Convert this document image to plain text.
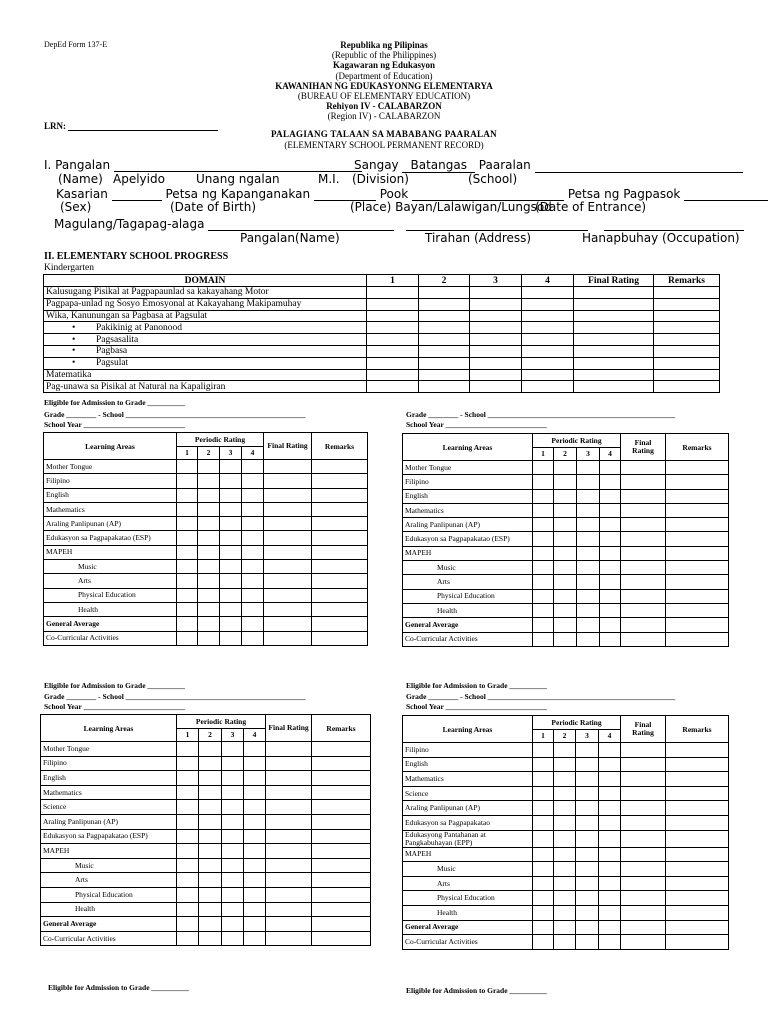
DepEd Form 137-E	Republika ng Pilipinas
(Republic of the Philippines)
Kagawaran ng Edukasyon
(Department of Education)
KAWANIHAN NG EDUKASYONNG ELEMENTARYA
(BUREAU OF ELEMENTARY EDUCATION)
Rehiyon IV - CALABARZON
(Region IV) - CALABARZON
LRN:
PALAGIANG TALAAN SA MABABANG PAARALAN
(ELEMENTARY SCHOOL PERMANENT RECORD)
I. Pangalan	Sangay Batangas Paaralan
(Name) Apelyido	Unang ngalan	M.I. (Division)	(School)
Kasarian	Petsa ng Kapanganakan	Pook	Petsa ng Pagpasok
(Sex)	(Date of Birth)	(Place) Bayan/Lalawigan/Lungsod
(Date of Entrance)
Magulang/Tagapag-alaga
Pangalan(Name)	Tirahan (Address)	Hanapbuhay (Occupation)
II. ELEMENTARY SCHOOL PROGRESS
Kindergarten
DOMAIN	1	2	3	4	Final Rating	Remarks
Kalusugang Pisikal at Pagpapaunlad sa kakayahang Motor						
Pagpapa-unlad ng Sosyo Emosyonal at Kakayahang Makipamuhay						
Wika, Kanunungan sa Pagbasa at Pagsulat						
• Pakikinig at Panonood						
• Pagsasalita						
• Pagbasa						
• Pagsulat						
Matematika						
Pag-unawa sa Pisikal at Natural na Kapaligiran						
Eligible for Admission to Grade __________
Grade ________ - School ________________________________________________
School Year ___________________________
Learning Areas	Periodic Rating				Final Rating	Remarks
	1	2	3	4		
Mother Tongue						
Filipino						
English						
Mathematics						
Araling Panlipunan (AP)						
Edukasyon sa Pagpapakatao (ESP)						
MAPEH						
Music						
Arts						
Physical Education						
Health						
General Average						
Co-Curricular Activities						
Grade ________ - School __________________________________________________
School Year ___________________________
Learning Areas	Periodic Rating				Final Rating	Remarks
	1	2	3	4		
Mother Tongue						
Filipino						
English						
Mathematics						
Araling Panlipunan (AP)						
Edukasyon sa Pagpapakatao (ESP)						
MAPEH						
Music						
Arts						
Physical Education						
Health						
General Average						
Co-Curricular Activities						
Eligible for Admission to Grade __________	Eligible for Admission to Grade __________
Grade ________ - School ________________________________________________
School Year ___________________________
Grade ________ - School __________________________________________________
School Year ___________________________
Learning Areas	Periodic Rating				Final Rating	Remarks
	1	2	3	4		
Mother Tongue						
Filipino						
English						
Mathematics						
Science						
Araling Panlipunan (AP)						
Edukasyon sa Pagpapakatao (ESP)						
MAPEH						
Music						
Arts						
Physical Education						
Health						
General Average						
Co-Curricular Activities						
Learning Areas	Periodic Rating				Final Rating	Remarks
	1	2	3	4		
Filipino						
English						
Mathematics						
Science						
Araling Panlipunan (AP)						
Edukasyon sa Pagpapakatao						
Edukasyong Pantahanan at Pangkabuhayan (EPP)						
MAPEH						
Music						
Arts						
Physical Education						
Health						
General Average						
Co-Curricular Activities						
Eligible for Admission to Grade __________	Eligible for Admission to Grade __________
